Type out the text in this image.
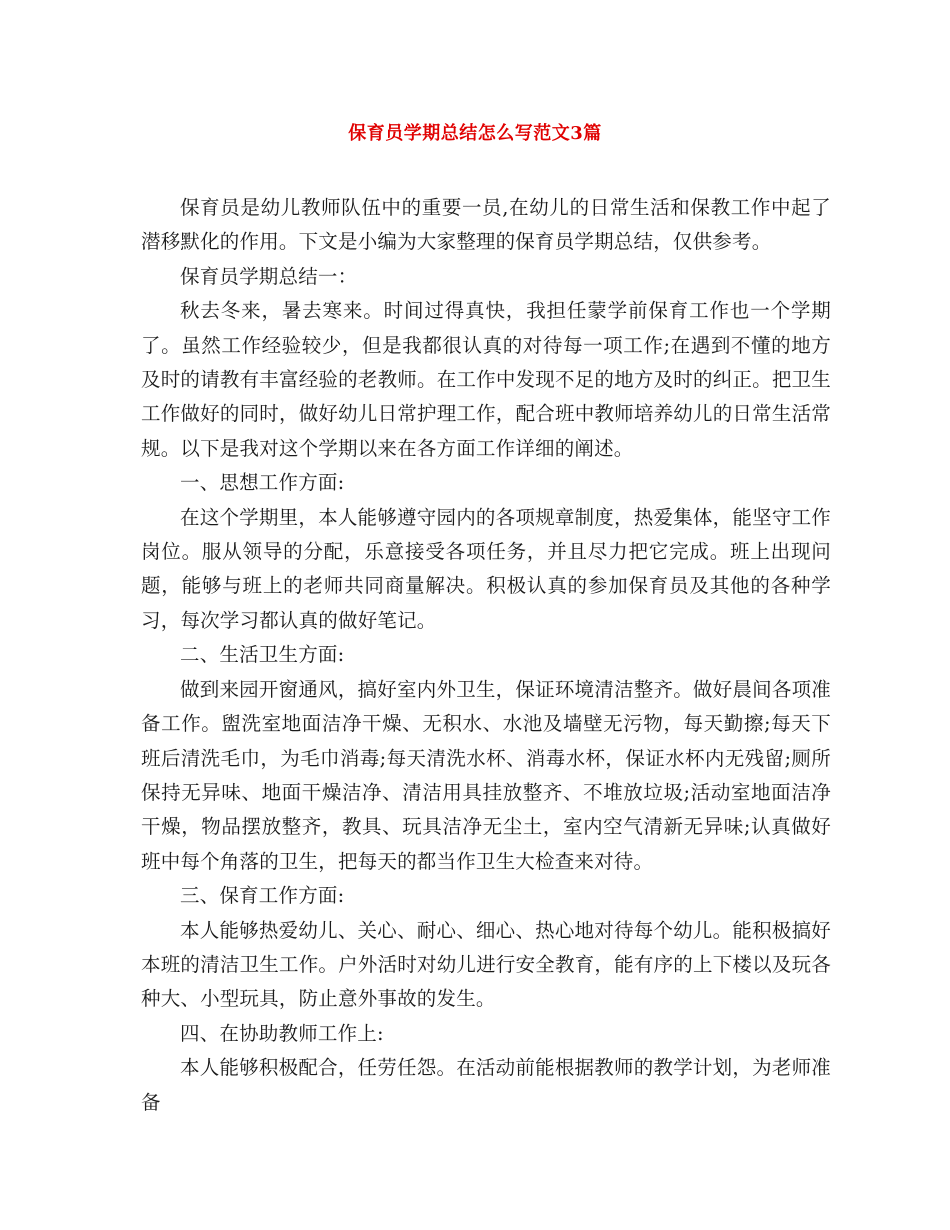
保育员学期总结怎么写范文3篇

保育员是幼儿教师队伍中的重要一员,在幼儿的日常生活和保教工作中起了潜移默化的作用。下文是小编为大家整理的保育员学期总结，仅供参考。

保育员学期总结一：

秋去冬来，暑去寒来。时间过得真快，我担任蒙学前保育工作也一个学期了。虽然工作经验较少，但是我都很认真的对待每一项工作;在遇到不懂的地方及时的请教有丰富经验的老教师。在工作中发现不足的地方及时的纠正。把卫生工作做好的同时，做好幼儿日常护理工作，配合班中教师培养幼儿的日常生活常规。以下是我对这个学期以来在各方面工作详细的阐述。

一、思想工作方面:

在这个学期里，本人能够遵守园内的各项规章制度，热爱集体，能坚守工作岗位。服从领导的分配，乐意接受各项任务，并且尽力把它完成。班上出现问题，能够与班上的老师共同商量解决。积极认真的参加保育员及其他的各种学习，每次学习都认真的做好笔记。

二、生活卫生方面:

做到来园开窗通风，搞好室内外卫生，保证环境清洁整齐。做好晨间各项准备工作。盥洗室地面洁净干燥、无积水、水池及墙壁无污物，每天勤擦;每天下班后清洗毛巾，为毛巾消毒;每天清洗水杯、消毒水杯，保证水杯内无残留;厕所保持无异味、地面干燥洁净、清洁用具挂放整齐、不堆放垃圾;活动室地面洁净干燥，物品摆放整齐，教具、玩具洁净无尘土，室内空气清新无异味;认真做好班中每个角落的卫生，把每天的都当作卫生大检查来对待。

三、保育工作方面:

本人能够热爱幼儿、关心、耐心、细心、热心地对待每个幼儿。能积极搞好本班的清洁卫生工作。户外活时对幼儿进行安全教育，能有序的上下楼以及玩各种大、小型玩具，防止意外事故的发生。

四、在协助教师工作上:

本人能够积极配合，任劳任怨。在活动前能根据教师的教学计划，为老师准备
